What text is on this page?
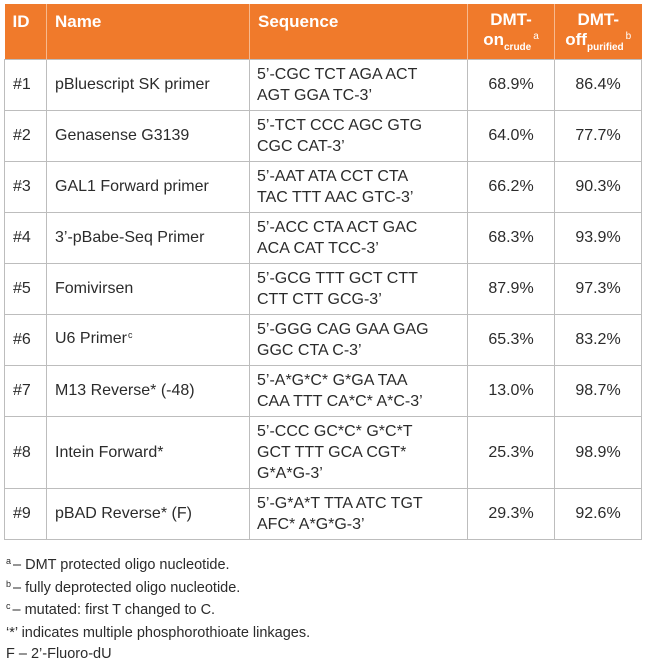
ID	Name	Sequence	DMT-$on_{crude}^a$	DMT-off$_{purified}^b$
#1	pBluescript SK primer	5’-CGC TCT AGA ACT
AGT GGA TC-3’	68.9%	86.4%
#2	Genasense G3139	5’-TCT CCC AGC GTG
CGC CAT-3’	64.0%	77.7%
#3	GAL1 Forward primer	5’-AAT ATA CCT CTA
TAC TTT AAC GTC-3’	66.2%	90.3%
#4	3’-pBabe-Seq Primer	5’-ACC CTA ACT GAC
ACA CAT TCC-3’	68.3%	93.9%
#5	Fomivirsen	5’-GCG TTT GCT CTT
CTT CTT GCG-3’	87.9%	97.3%
#6	U6 Primer$^c$	5’-GGG CAG GAA GAG
GGC CTA C-3’	65.3%	83.2%
#7	M13 Reverse* (-48)	5’-A*G*C* G*GA TAA
CAA TTT CA*C* A*C-3’	13.0%	98.7%
#8	Intein Forward*	5’-CCC GC*C* G*C*T
GCT TTT GCA CGT*
G*A*G-3’	25.3%	98.9%
#9	pBAD Reverse* (F)	5’-G*A*T TTA ATC TGT
AFC* A*G*G-3’	29.3%	92.6%
$^a$ – DMT protected oligo nucleotide.
$^b$ – fully deprotected oligo nucleotide.
$^c$ – mutated: first T changed to C.
‘*’ indicates multiple phosphorothioate linkages.
F – 2’-Fluoro-dU
